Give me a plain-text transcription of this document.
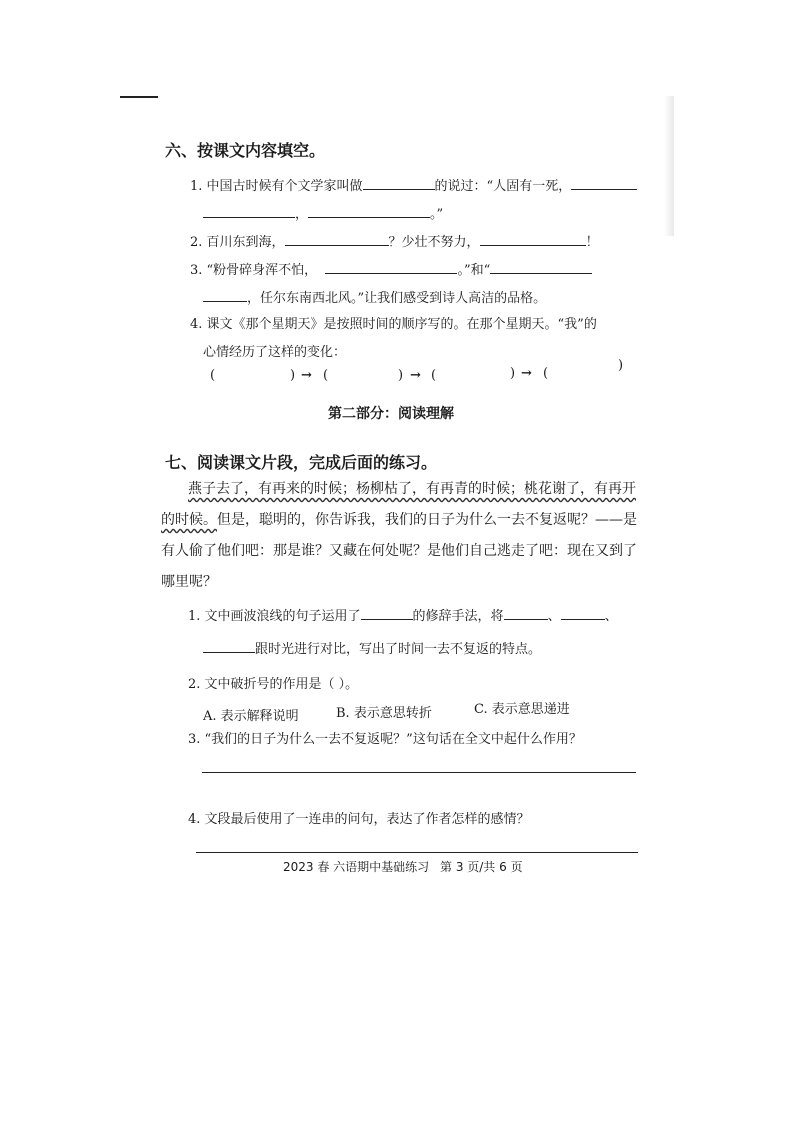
六、按课文内容填空。
1. 中国古时候有个文学家叫做	的说过：“人固有一死，
，	。”
2. 百川东到海，	？少壮不努力，	！
3. “粉骨碎身浑不怕，	。”和“
，任尔东南西北风。”让我们感受到诗人高洁的品格。
4. 课文《那个星期天》是按照时间的顺序写的。在那个星期天。“我”的
心情经历了这样的变化：
(	) → (	) → (	) → (
)
第二部分：阅读理解
七、阅读课文片段，完成后面的练习。
燕子去了，有再来的时候；杨柳枯了，有再青的时候；桃花谢了，有再开
的时候。但是，聪明的，你告诉我，我们的日子为什么一去不复返呢？——是
有人偷了他们吧：那是谁？又藏在何处呢？是他们自己逃走了吧：现在又到了
哪里呢？
1. 文中画波浪线的句子运用了	的修辞手法，将	、	、
跟时光进行对比，写出了时间一去不复返的特点。
2. 文中破折号的作用是（ ）。
A. 表示解释说明	B. 表示意思转折	C. 表示意思递进
3. “我们的日子为什么一去不复返呢？”这句话在全文中起什么作用？
4. 文段最后使用了一连串的问句，表达了作者怎样的感情？
2023 春 六语期中基础练习 第 3 页/共 6 页
